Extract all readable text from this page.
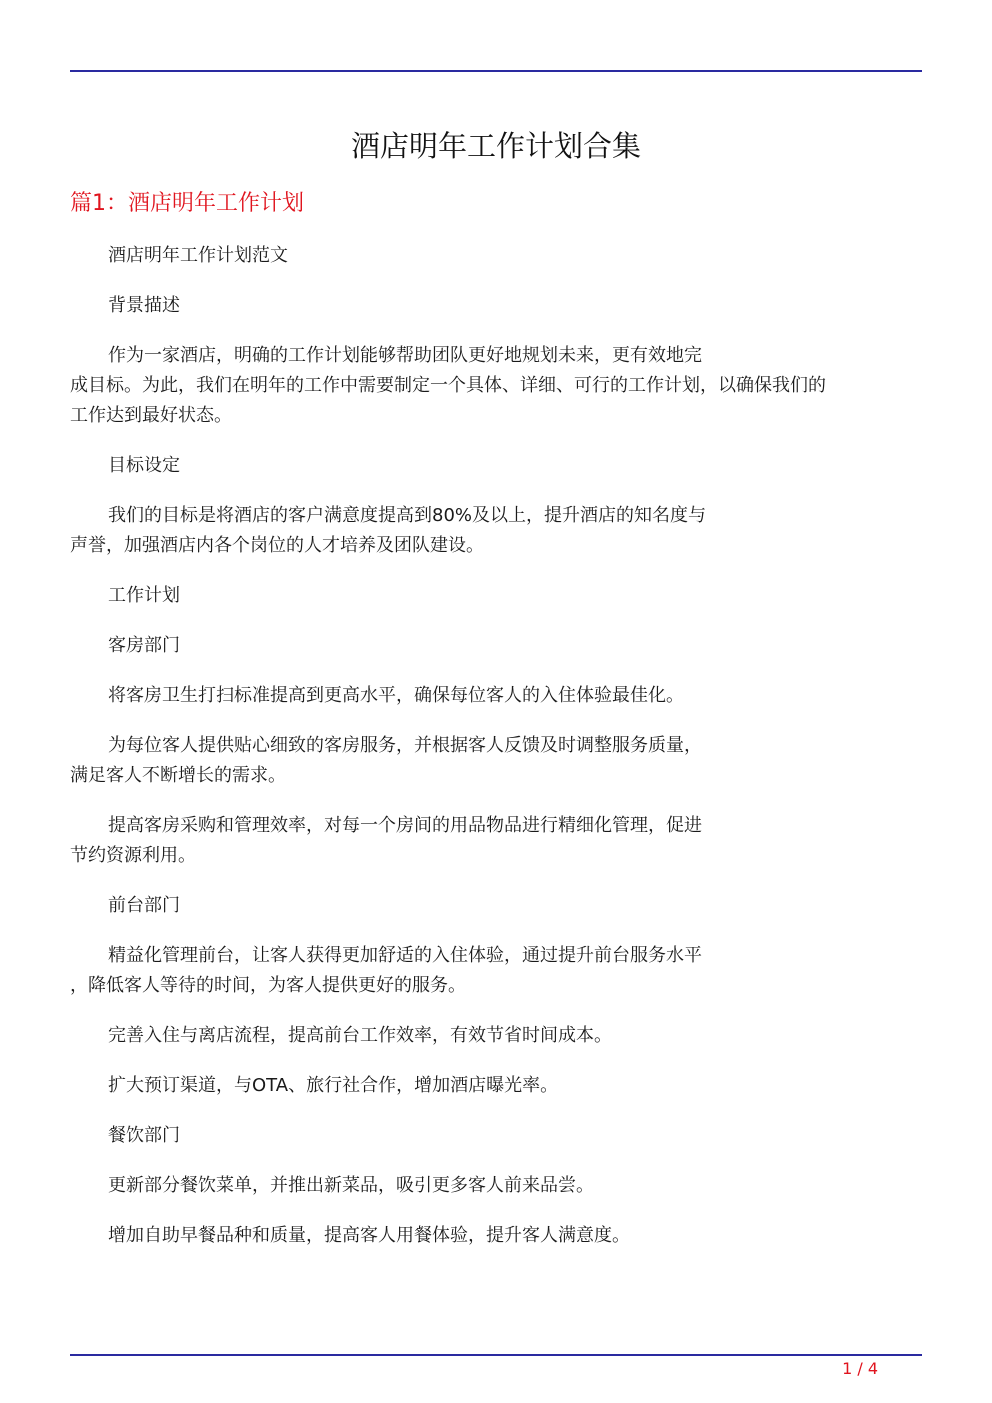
酒店明年工作计划合集
篇1：酒店明年工作计划
酒店明年工作计划范文
背景描述
作为一家酒店，明确的工作计划能够帮助团队更好地规划未来，更有效地完
成目标。为此，我们在明年的工作中需要制定一个具体、详细、可行的工作计划，以确保我们的
工作达到最好状态。
目标设定
我们的目标是将酒店的客户满意度提高到80%及以上，提升酒店的知名度与
声誉，加强酒店内各个岗位的人才培养及团队建设。
工作计划
客房部门
将客房卫生打扫标准提高到更高水平，确保每位客人的入住体验最佳化。
为每位客人提供贴心细致的客房服务，并根据客人反馈及时调整服务质量，
满足客人不断增长的需求。
提高客房采购和管理效率，对每一个房间的用品物品进行精细化管理，促进
节约资源利用。
前台部门
精益化管理前台，让客人获得更加舒适的入住体验，通过提升前台服务水平
，降低客人等待的时间，为客人提供更好的服务。
完善入住与离店流程，提高前台工作效率，有效节省时间成本。
扩大预订渠道，与OTA、旅行社合作，增加酒店曝光率。
餐饮部门
更新部分餐饮菜单，并推出新菜品，吸引更多客人前来品尝。
增加自助早餐品种和质量，提高客人用餐体验，提升客人满意度。
1 / 4
